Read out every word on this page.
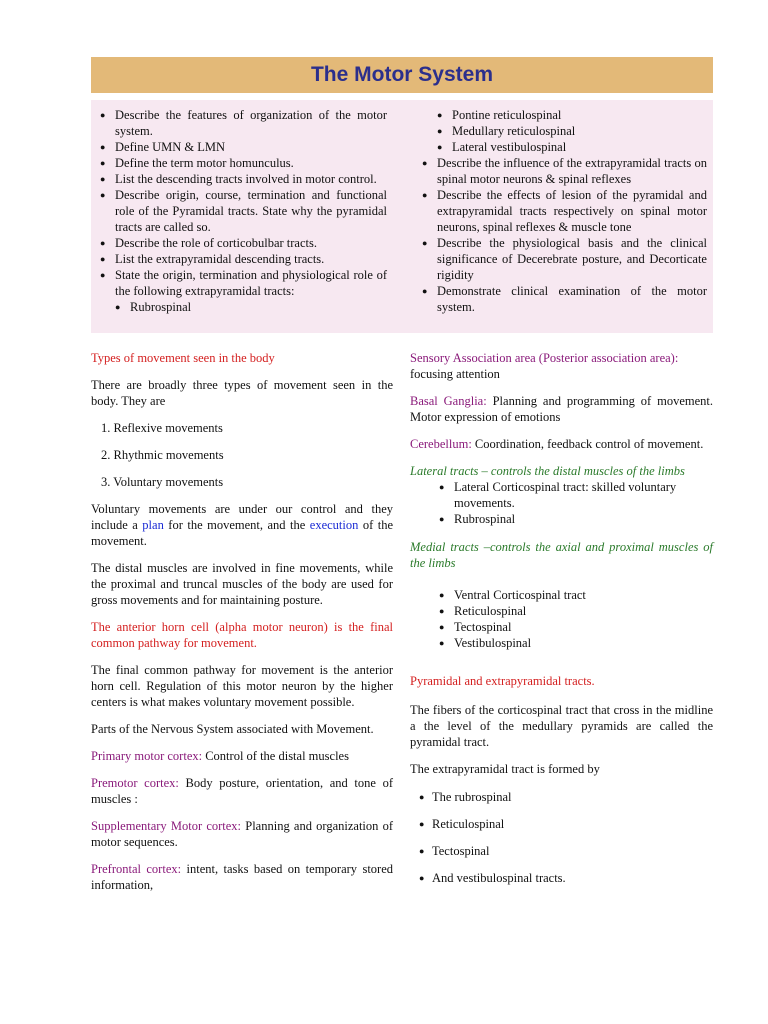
The Motor System
● Describe the features of organization of the motor system.
● Define UMN & LMN
● Define the term motor homunculus.
● List the descending tracts involved in motor control.
● Describe origin, course, termination and functional role of the Pyramidal tracts. State why the pyramidal tracts are called so.
● Describe the role of corticobulbar tracts.
● List the extrapyramidal descending tracts.
● State the origin, termination and physiological role of the following extrapyramidal tracts:
● Rubrospinal
● Pontine reticulospinal
● Medullary reticulospinal
● Lateral vestibulospinal
● Describe the influence of the extrapyramidal tracts on spinal motor neurons & spinal reflexes
● Describe the effects of lesion of the pyramidal and extrapyramidal tracts respectively on spinal motor neurons, spinal reflexes & muscle tone
● Describe the physiological basis and the clinical significance of Decerebrate posture, and Decorticate rigidity
● Demonstrate clinical examination of the motor system.

Types of movement seen in the body

There are broadly three types of movement seen in the body. They are

1. Reflexive movements
2. Rhythmic movements
3. Voluntary movements

Voluntary movements are under our control and they include a plan for the movement, and the execution of the movement.

The distal muscles are involved in fine movements, while the proximal and truncal muscles of the body are used for gross movements and for maintaining posture.

The anterior horn cell (alpha motor neuron) is the final common pathway for movement.

The final common pathway for movement is the anterior horn cell. Regulation of this motor neuron by the higher centers is what makes voluntary movement possible.

Parts of the Nervous System associated with Movement.

Primary motor cortex: Control of the distal muscles

Premotor cortex: Body posture, orientation, and tone of muscles :

Supplementary Motor cortex: Planning and organization of motor sequences.

Prefrontal cortex: intent, tasks based on temporary stored information,

Sensory Association area (Posterior association area):
focusing attention

Basal Ganglia: Planning and programming of movement. Motor expression of emotions

Cerebellum: Coordination, feedback control of movement.

Lateral tracts – controls the distal muscles of the limbs

● Lateral Corticospinal tract: skilled voluntary movements.
● Rubrospinal

Medial tracts –controls the axial and proximal muscles of the limbs

● Ventral Corticospinal tract
● Reticulospinal
● Tectospinal
● Vestibulospinal

Pyramidal and extrapyramidal tracts.

The fibers of the corticospinal tract that cross in the midline a the level of the medullary pyramids are called the pyramidal tract.

The extrapyramidal tract is formed by

● The rubrospinal
● Reticulospinal
● Tectospinal
● And vestibulospinal tracts.
